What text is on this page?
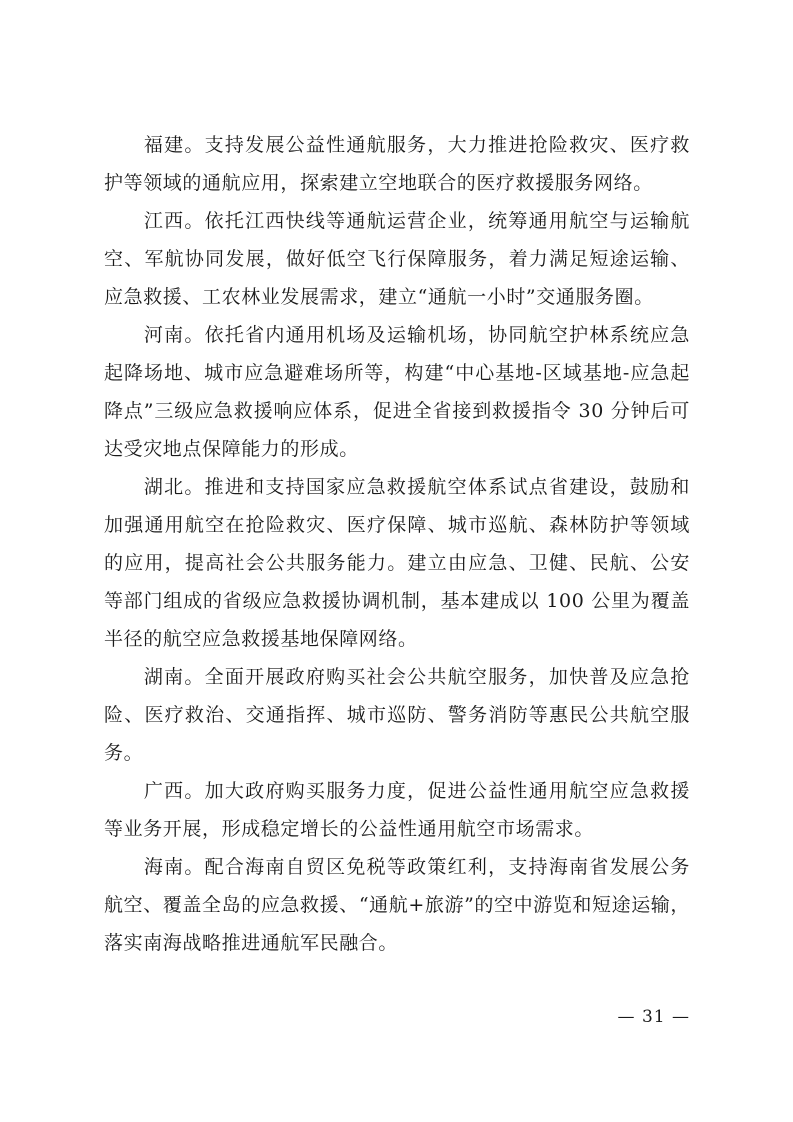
福建。支持发展公益性通航服务，大力推进抢险救灾、医疗救护等领域的通航应用，探索建立空地联合的医疗救援服务网络。

江西。依托江西快线等通航运营企业，统筹通用航空与运输航空、军航协同发展，做好低空飞行保障服务，着力满足短途运输、应急救援、工农林业发展需求，建立“通航一小时”交通服务圈。

河南。依托省内通用机场及运输机场，协同航空护林系统应急起降场地、城市应急避难场所等，构建“中心基地-区域基地-应急起降点”三级应急救援响应体系，促进全省接到救援指令 30 分钟后可达受灾地点保障能力的形成。

湖北。推进和支持国家应急救援航空体系试点省建设，鼓励和加强通用航空在抢险救灾、医疗保障、城市巡航、森林防护等领域的应用，提高社会公共服务能力。建立由应急、卫健、民航、公安等部门组成的省级应急救援协调机制，基本建成以 100 公里为覆盖半径的航空应急救援基地保障网络。

湖南。全面开展政府购买社会公共航空服务，加快普及应急抢险、医疗救治、交通指挥、城市巡防、警务消防等惠民公共航空服务。

广西。加大政府购买服务力度，促进公益性通用航空应急救援等业务开展，形成稳定增长的公益性通用航空市场需求。

海南。配合海南自贸区免税等政策红利，支持海南省发展公务航空、覆盖全岛的应急救援、“通航+旅游”的空中游览和短途运输，落实南海战略推进通航军民融合。

— 31 —
